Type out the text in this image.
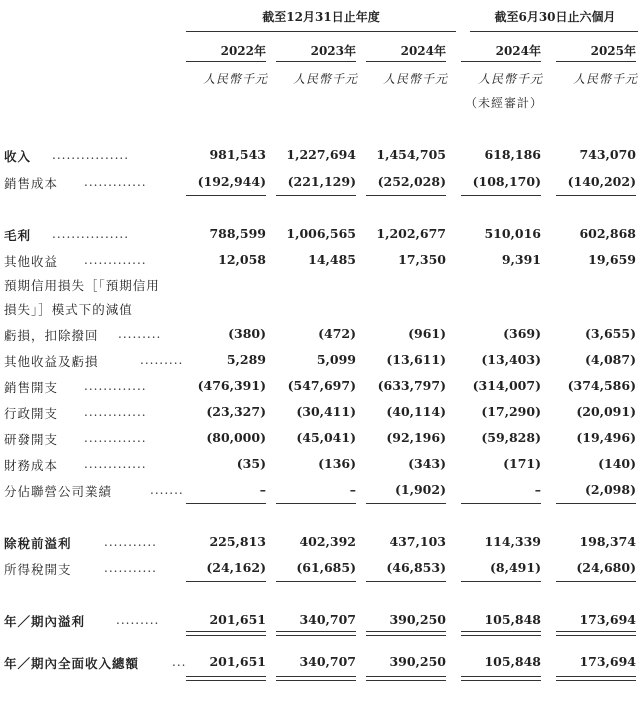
截至12月31日止年度	截至6月30日止六個月
2022年	2023年	2024年	2024年	2025年
人民幣千元	人民幣千元	人民幣千元	人民幣千元	人民幣千元
（未經審計）
收入 ................	981,543	1,227,694	1,454,705	618,186	743,070
銷售成本 .............	(192,944)	(221,129)	(252,028)	(108,170)	(140,202)
毛利 ................	788,599	1,006,565	1,202,677	510,016	602,868
其他收益 .............	12,058	14,485	17,350	9,391	19,659
預期信用損失［「預期信用
損失」］模式下的減值
虧損，扣除撥回 .........	(380)	(472)	(961)	(369)	(3,655)
其他收益及虧損	.........	5,289	5,099	(13,611)	(13,403)	(4,087)
銷售開支 .............	(476,391)	(547,697)	(633,797)	(314,007)	(374,586)
行政開支 .............	(23,327)	(30,411)	(40,114)	(17,290)	(20,091)
研發開支 .............	(80,000)	(45,041)	(92,196)	(59,828)	(19,496)
財務成本 .............	(35)	(136)	(343)	(171)	(140)
分佔聯營公司業績	.......	–	–	(1,902)	–	(2,098)
除稅前溢利	...........	225,813	402,392	437,103	114,339	198,374
所得稅開支	...........	(24,162)	(61,685)	(46,853)	(8,491)	(24,680)
年／期內溢利	.........	201,651	340,707	390,250	105,848	173,694
年／期內全面收入總額	...	201,651	340,707	390,250	105,848	173,694
